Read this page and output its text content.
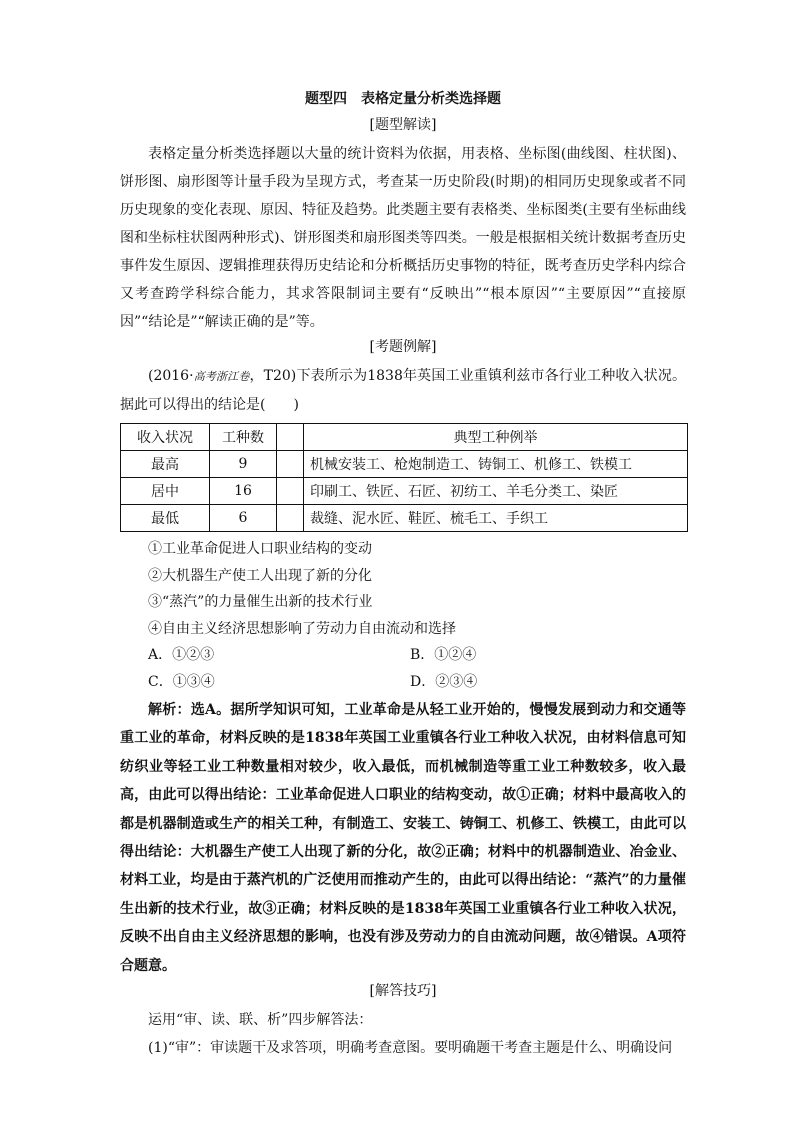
题型四　表格定量分析类选择题
[题型解读]

表格定量分析类选择题以大量的统计资料为依据，用表格、坐标图(曲线图、柱状图)、饼形图、扇形图等计量手段为呈现方式，考查某一历史阶段(时期)的相同历史现象或者不同历史现象的变化表现、原因、特征及趋势。此类题主要有表格类、坐标图类(主要有坐标曲线图和坐标柱状图两种形式)、饼形图类和扇形图类等四类。一般是根据相关统计数据考查历史事件发生原因、逻辑推理获得历史结论和分析概括历史事物的特征，既考查历史学科内综合又考查跨学科综合能力，其求答限制词主要有“反映出”“根本原因”“主要原因”“直接原因”“结论是”“解读正确的是”等。

[考题例解]

(2016·高考浙江卷，T20)下表所示为1838年英国工业重镇利兹市各行业工种收入状况。据此可以得出的结论是(　　)

收入状况	工种数		典型工种例举
最高	9		机械安装工、枪炮制造工、铸铜工、机修工、铁模工
居中	16		印刷工、铁匠、石匠、初纺工、羊毛分类工、染匠
最低	6		裁缝、泥水匠、鞋匠、梳毛工、手织工

①工业革命促进人口职业结构的变动

②大机器生产使工人出现了新的分化

③“蒸汽”的力量催生出新的技术行业

④自由主义经济思想影响了劳动力自由流动和选择

A．①②③	B．①②④
C．①③④	D．②③④

解析：选A。据所学知识可知，工业革命是从轻工业开始的，慢慢发展到动力和交通等重工业的革命，材料反映的是1838年英国工业重镇各行业工种收入状况，由材料信息可知纺织业等轻工业工种数量相对较少，收入最低，而机械制造等重工业工种数较多，收入最高，由此可以得出结论：工业革命促进人口职业的结构变动，故①正确；材料中最高收入的都是机器制造或生产的相关工种，有制造工、安装工、铸铜工、机修工、铁模工，由此可以得出结论：大机器生产使工人出现了新的分化，故②正确；材料中的机器制造业、冶金业、材料工业，均是由于蒸汽机的广泛使用而推动产生的，由此可以得出结论：“蒸汽”的力量催生出新的技术行业，故③正确；材料反映的是1838年英国工业重镇各行业工种收入状况，反映不出自由主义经济思想的影响，也没有涉及劳动力的自由流动问题，故④错误。A项符合题意。

[解答技巧]

运用“审、读、联、析”四步解答法：

(1)“审”：审读题干及求答项，明确考查意图。要明确题干考查主题是什么、明确设问
